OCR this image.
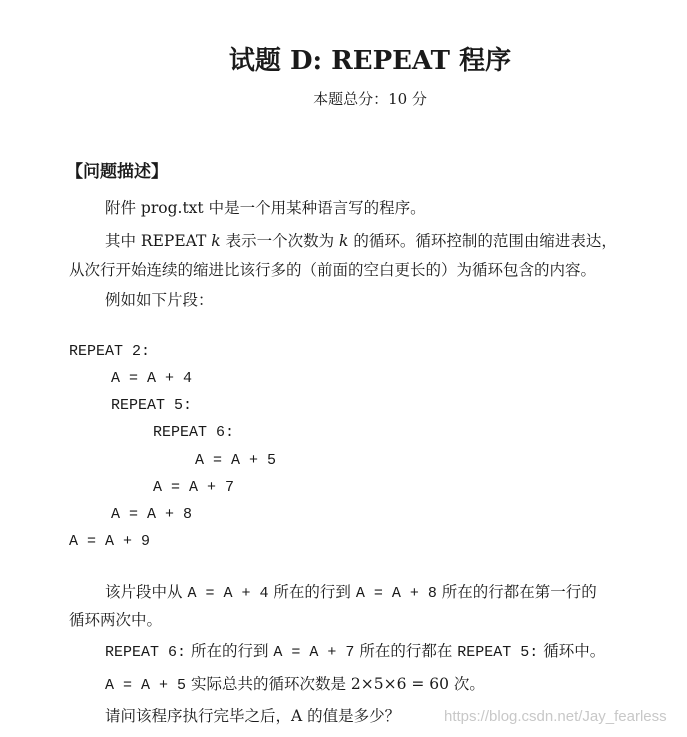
试题 D: REPEAT 程序
本题总分：10 分
【问题描述】
附件 prog.txt 中是一个用某种语言写的程序。
其中 REPEAT k 表示一个次数为 k 的循环。循环控制的范围由缩进表达，
从次行开始连续的缩进比该行多的（前面的空白更长的）为循环包含的内容。
例如如下片段：
REPEAT 2:
A = A + 4
REPEAT 5:
REPEAT 6:
A = A + 5
A = A + 7
A = A + 8
A = A + 9
该片段中从 A = A + 4 所在的行到 A = A + 8 所在的行都在第一行的
循环两次中。
REPEAT 6: 所在的行到 A = A + 7 所在的行都在 REPEAT 5: 循环中。
A = A + 5 实际总共的循环次数是 2×5×6 = 60 次。
请问该程序执行完毕之后，A 的值是多少？	https://blog.csdn.net/Jay_fearless
